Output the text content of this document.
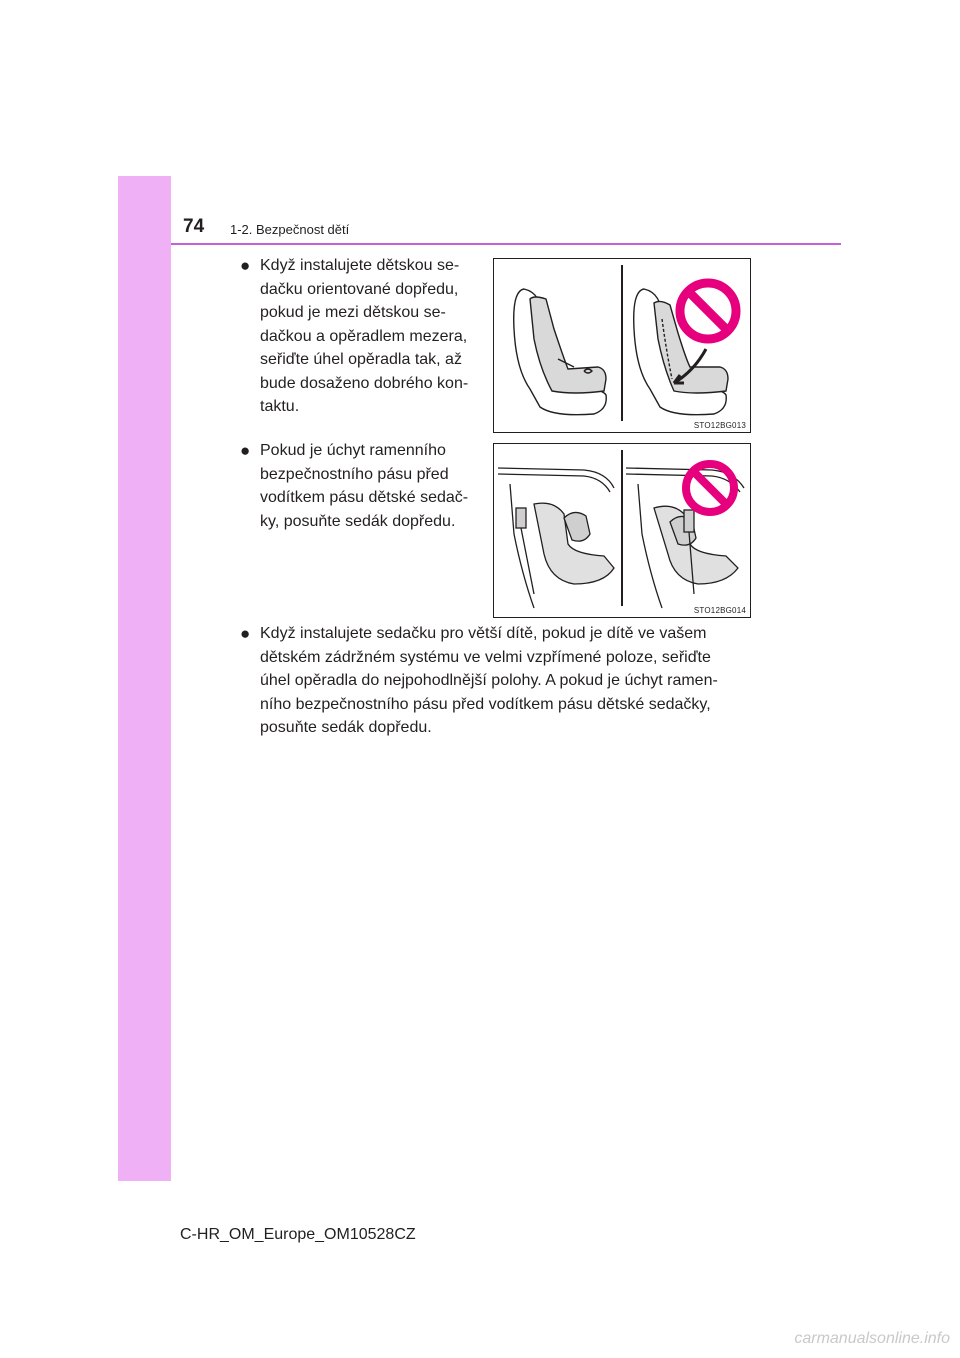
74 1-2. Bezpečnost dětí
● Když instalujete dětskou se-
dačku orientované dopředu,
pokud je mezi dětskou se-
dačkou a opěradlem mezera,
seřiďte úhel opěradla tak, až
bude dosaženo dobrého kon-
taktu.
STO12BG013
● Pokud je úchyt ramenního
bezpečnostního pásu před
vodítkem pásu dětské sedač-
ky, posuňte sedák dopředu.
STO12BG014
● Když instalujete sedačku pro větší dítě, pokud je dítě ve vašem
dětském zádržném systému ve velmi vzpřímené poloze, seřiďte
úhel opěradla do nejpohodlnější polohy. A pokud je úchyt ramen-
ního bezpečnostního pásu před vodítkem pásu dětské sedačky,
posuňte sedák dopředu.
C-HR_OM_Europe_OM10528CZ
carmanualsonline.info
